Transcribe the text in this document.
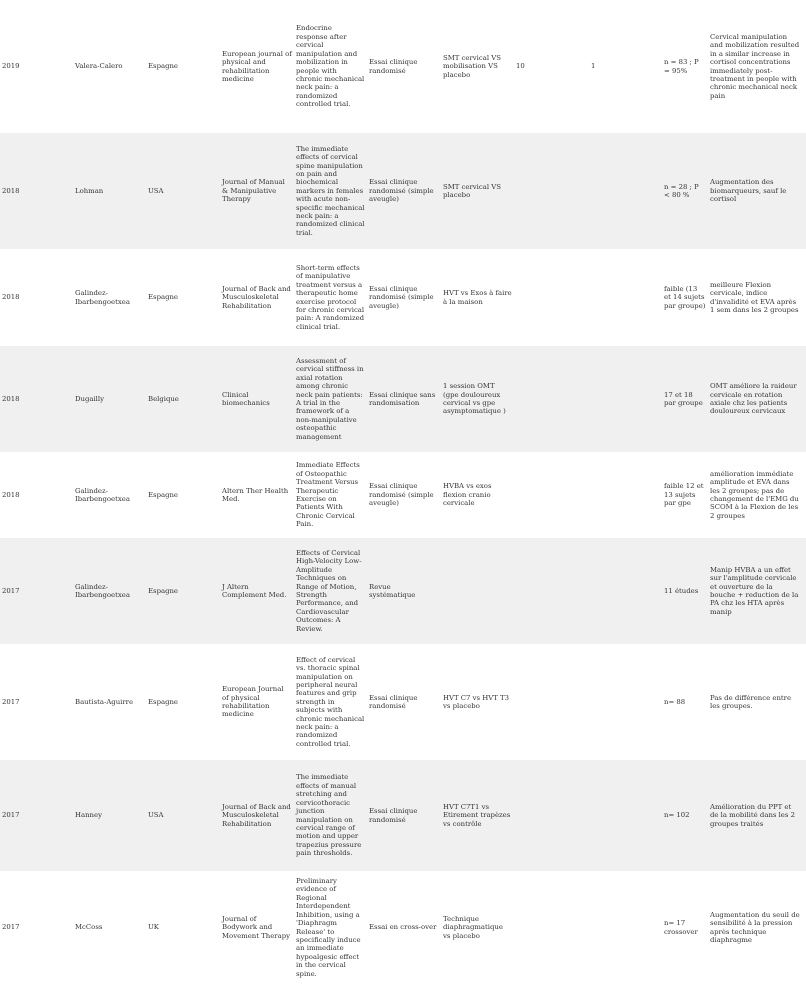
2019	Valera-Calero	Espagne	European journal of physical and rehabilitation medicine	Endocrine response after cervical manipulation and mobilization in people with chronic mechanical neck pain: a randomized controlled trial.	Essai clinique randomisé	SMT cervical VS mobilisation VS placebo	10	1	n = 83 ; P = 95%	Cervical manipulation and mobilization resulted in a similar increase in cortisol concentrations immediately post-treatment in people with chronic mechanical neck pain
2018	Lohman	USA	Journal of Manual & Manipulative Therapy	The immediate effects of cervical spine manipulation on pain and biochemical markers in females with acute non-specific mechanical neck pain: a randomized clinical trial.	Essai clinique randomisé (simple aveugle)	SMT cervical VS placebo			n = 28 ; P < 80 %	Augmentation des biomarqueurs, sauf le cortisol
2018	Galindez-Ibarbengoetxea	Espagne	Journal of Back and Musculoskeletal Rehabilitation	Short-term effects of manipulative treatment versus a therapeutic home exercise protocol for chronic cervical pain: A randomized clinical trial.	Essai clinique randomisé (simple aveugle)	HVT vs Exos à faire à la maison			faible (13 et 14 sujets par groupe)	meilleure Flexion cervicale, indice d'invalidité et EVA après 1 sem dans les 2 groupes
2018	Dugailly	Belgique	Clinical biomechanics	Assessment of cervical stiffness in axial rotation among chronic neck pain patients: A trial in the framework of a non-manipulative osteopathic management	Essai clinique sans randomisation	1 session OMT (gpe douloureux cervical vs gpe asymptomatique )			17 et 18 par groupe	OMT améliore la raideur cervicale en rotation axiale chz les patients douloureux cervicaux
2018	Galindez-Ibarbengoetxea	Espagne	Altern Ther Health Med.	Immediate Effects of Osteopathic Treatment Versus Therapeutic Exercise on Patients With Chronic Cervical Pain.	Essai clinique randomisé (simple aveugle)	HVBA vs exos flexion cranio cervicale			faible 12 et 13 sujets par gpe	amélioration immédiate amplitude et EVA dans les 2 groupes; pas de changement de l'EMG du SCOM à la Flexion de les 2 groupes
2017	Galindez-Ibarbengoetxea	Espagne	J Altern Complement Med.	Effects of Cervical High-Velocity Low-Amplitude Techniques on Range of Motion, Strength Performance, and Cardiovascular Outcomes: A Review.	Revue systématique				11 études	Manip HVBA a un effet sur l'amplitude cervicale et ouverture de la bouche + reduction de la PA chz les HTA après manip
2017	Bautista-Aguirre	Espagne	European Journal of physical rehabilitation medicine	Effect of cervical vs. thoracic spinal manipulation on peripheral neural features and grip strength in subjects with chronic mechanical neck pain: a randomized controlled trial.	Essai clinique randomisé	HVT C7 vs HVT T3 vs placebo			n= 88	Pas de différence entre les groupes.
2017	Hanney	USA	Journal of Back and Musculoskeletal Rehabilitation	The immediate effects of manual stretching and cervicothoracic junction manipulation on cervical range of motion and upper trapezius pressure pain thresholds.	Essai clinique randomisé	HVT C7T1 vs Etirement trapèzes vs contrôle			n= 102	Amélioration du PPT et de la mobilité dans les 2 groupes traités
2017	McCoss	UK	Journal of Bodywork and Movement Therapy	Preliminary evidence of Regional Interdependent Inhibition, using a 'Diaphragm Release' to specifically induce an immediate hypoalgesic effect in the cervical spine.	Essai en cross-over	Technique diaphragmatique vs placebo			n= 17 crossover	Augmentation du seuil de sensibilité à la pression après technique diaphragme
